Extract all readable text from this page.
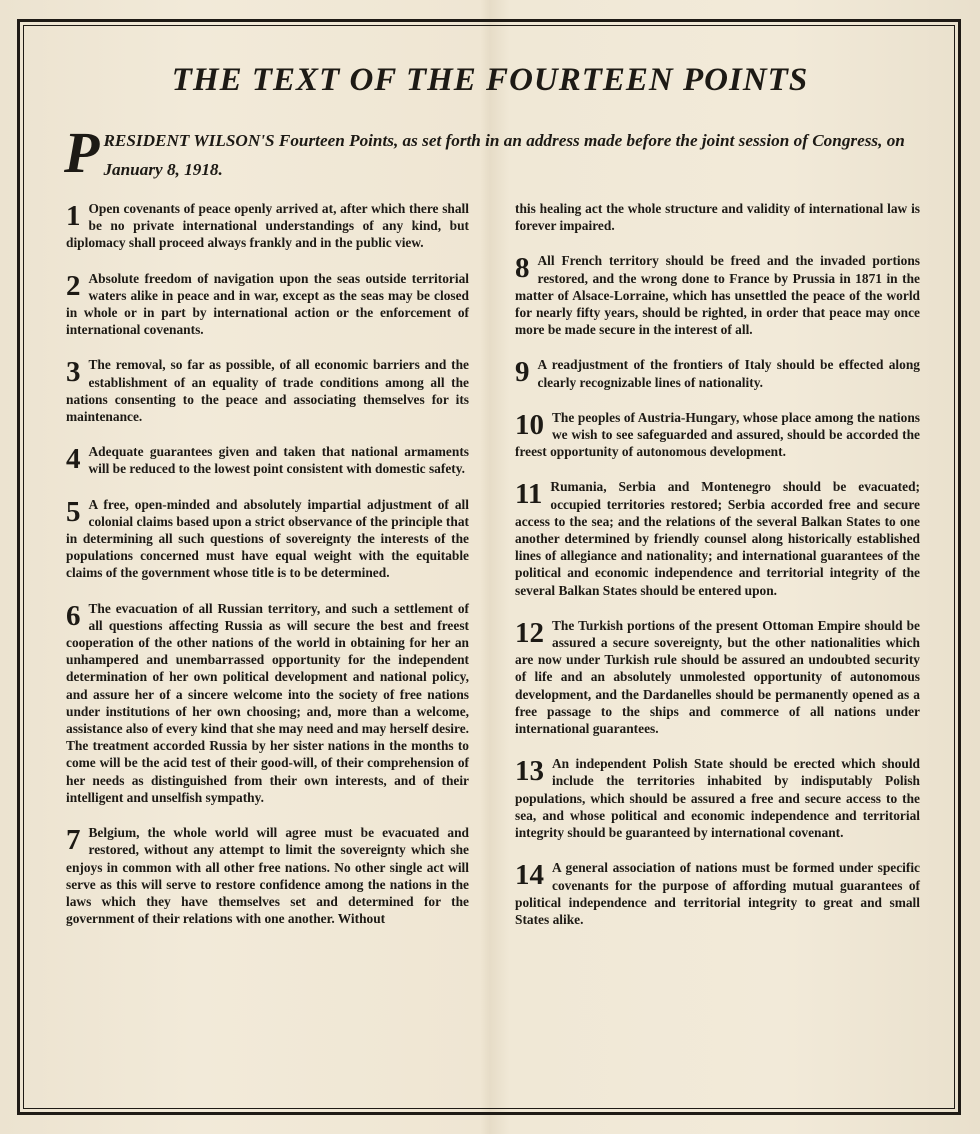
THE TEXT OF THE FOURTEEN POINTS

PRESIDENT WILSON'S Fourteen Points, as set forth in an address made before the joint session of Congress, on January 8, 1918.

1 Open covenants of peace openly arrived at, after which there shall be no private international understandings of any kind, but diplomacy shall proceed always frankly and in the public view.

2 Absolute freedom of navigation upon the seas outside territorial waters alike in peace and in war, except as the seas may be closed in whole or in part by international action or the enforcement of international covenants.

3 The removal, so far as possible, of all economic barriers and the establishment of an equality of trade conditions among all the nations consenting to the peace and associating themselves for its maintenance.

4 Adequate guarantees given and taken that national armaments will be reduced to the lowest point consistent with domestic safety.

5 A free, open-minded and absolutely impartial adjustment of all colonial claims based upon a strict observance of the principle that in determining all such questions of sovereignty the interests of the populations concerned must have equal weight with the equitable claims of the government whose title is to be determined.

6 The evacuation of all Russian territory, and such a settlement of all questions affecting Russia as will secure the best and freest cooperation of the other nations of the world in obtaining for her an unhampered and unembarrassed opportunity for the independent determination of her own political development and national policy, and assure her of a sincere welcome into the society of free nations under institutions of her own choosing; and, more than a welcome, assistance also of every kind that she may need and may herself desire. The treatment accorded Russia by her sister nations in the months to come will be the acid test of their good-will, of their comprehension of her needs as distinguished from their own interests, and of their intelligent and unselfish sympathy.

7 Belgium, the whole world will agree must be evacuated and restored, without any attempt to limit the sovereignty which she enjoys in common with all other free nations. No other single act will serve as this will serve to restore confidence among the nations in the laws which they have themselves set and determined for the government of their relations with one another. Without

this healing act the whole structure and validity of international law is forever impaired.

8 All French territory should be freed and the invaded portions restored, and the wrong done to France by Prussia in 1871 in the matter of Alsace-Lorraine, which has unsettled the peace of the world for nearly fifty years, should be righted, in order that peace may once more be made secure in the interest of all.

9 A readjustment of the frontiers of Italy should be effected along clearly recognizable lines of nationality.

10 The peoples of Austria-Hungary, whose place among the nations we wish to see safeguarded and assured, should be accorded the freest opportunity of autonomous development.

11 Rumania, Serbia and Montenegro should be evacuated; occupied territories restored; Serbia accorded free and secure access to the sea; and the relations of the several Balkan States to one another determined by friendly counsel along historically established lines of allegiance and nationality; and international guarantees of the political and economic independence and territorial integrity of the several Balkan States should be entered upon.

12 The Turkish portions of the present Ottoman Empire should be assured a secure sovereignty, but the other nationalities which are now under Turkish rule should be assured an undoubted security of life and an absolutely unmolested opportunity of autonomous development, and the Dardanelles should be permanently opened as a free passage to the ships and commerce of all nations under international guarantees.

13 An independent Polish State should be erected which should include the territories inhabited by indisputably Polish populations, which should be assured a free and secure access to the sea, and whose political and economic independence and territorial integrity should be guaranteed by international covenant.

14 A general association of nations must be formed under specific covenants for the purpose of affording mutual guarantees of political independence and territorial integrity to great and small States alike.
